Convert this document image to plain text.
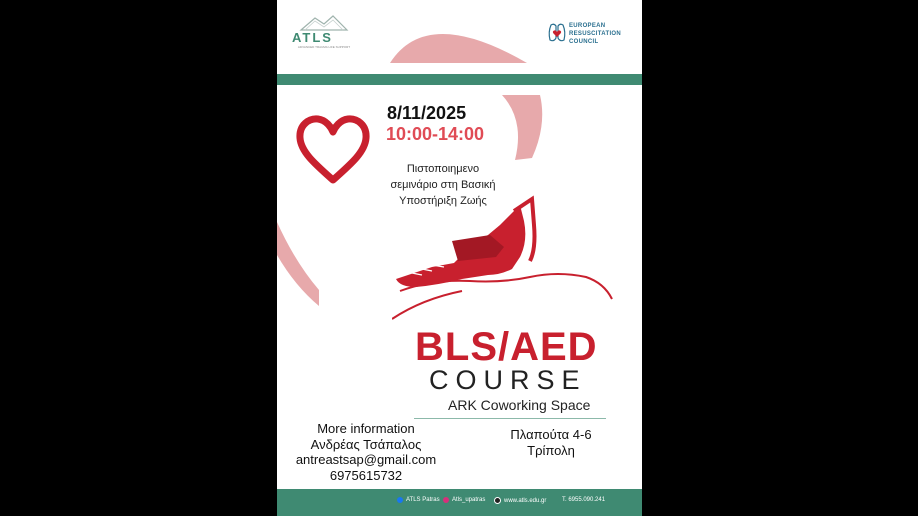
ATLS
ADVANCED TRAUMA LIFE SUPPORT
EUROPEAN
RESUSCITATION
COUNCIL
8/11/2025
10:00-14:00
Πιστοποιημενο
σεμινάριο στη Βασική
Υποστήριξη Ζωής
BLS/AED
COURSE
ARK Coworking Space
More information
Ανδρέας Τσάπαλος
antreastsap@gmail.com
6975615732
Πλαπούτα 4-6
Τρίπολη
ATLS Patras Atls_upatras	www.atls.edu.gr	T. 6955.090.241
